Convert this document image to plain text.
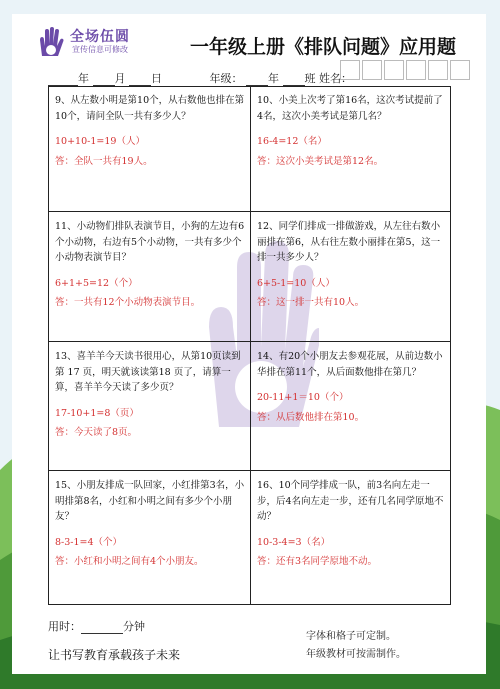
全场伍圆
宣传信息可修改	一年级上册《排队问题》应用题
年 月 日	年级： 年 班 姓名：
9、从左数小明是第10个，从右数他也排在第10个，请问全队一共有多少人？
10+10-1=19（人）
答：全队一共有19人。
10、小美上次考了第16名，这次考试提前了4名，这次小美考试是第几名？
16-4=12（名）
答：这次小美考试是第12名。
11、小动物们排队表演节目，小狗的左边有6个小动物，右边有5个小动物，一共有多少个小动物表演节目？
6+1+5=12（个）
答：一共有12个小动物表演节目。
12、同学们排成一排做游戏，从左往右数小丽排在第6，从右往左数小丽排在第5，这一排一共多少人？
6+5-1=10（人）
答：这一排一共有10人。
13、喜羊羊今天读书很用心，从第10页读到第 17 页，明天就该读第18 页了，请算一算，喜羊羊今天读了多少页？
17-10+1=8（页）
答：今天读了8页。
14、有20个小朋友去参观花展，从前边数小华排在第11个，从后面数他排在第几？
20-11+1＝10（个）
答：从后数他排在第10。
15、小朋友排成一队回家，小红排第3名，小明排第8名，小红和小明之间有多少个小朋友？
8-3-1=4（个）
答：小红和小明之间有4个小朋友。
16、10个同学排成一队，前3名向左走一步，后4名向左走一步，还有几名同学原地不动？
10-3-4=3（名）
答：还有3名同学原地不动。
用时：	分钟
让书写教育承载孩子未来
字体和格子可定制。
年级教材可按需制作。
